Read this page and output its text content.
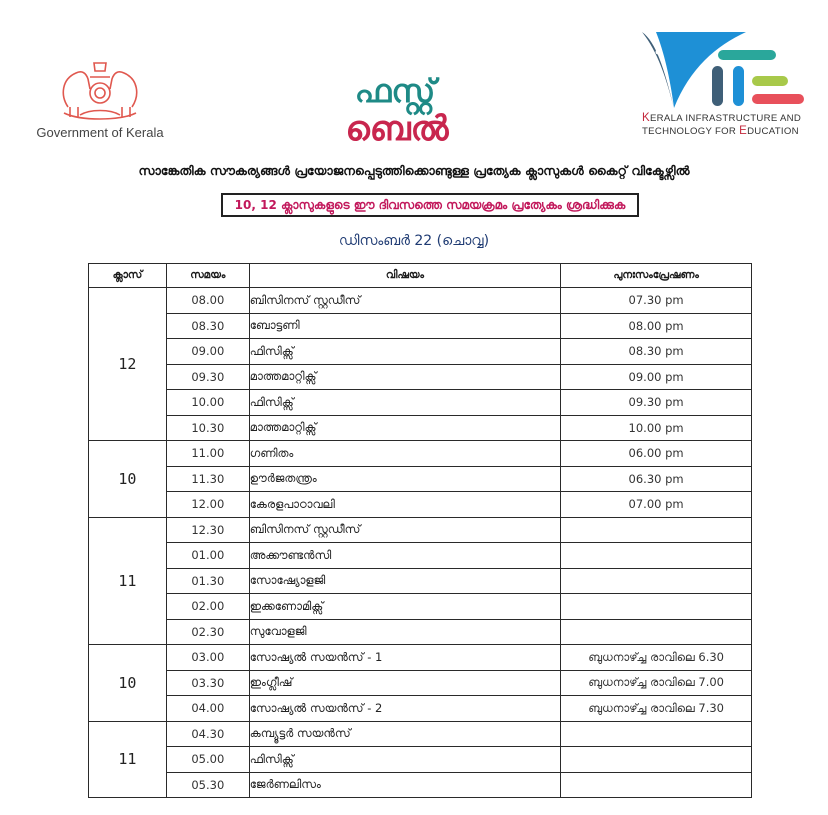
Government of Kerala
ഫസ്റ്റ്
ബെൽ	KERALA INFRASTRUCTURE AND
TECHNOLOGY FOR EDUCATION
സാങ്കേതിക സൗകര്യങ്ങൾ പ്രയോജനപ്പെടുത്തിക്കൊണ്ടുള്ള പ്രത്യേക ക്ലാസുകൾ കൈറ്റ് വിക്ടേഴ്സിൽ
10, 12 ക്ലാസുകളുടെ ഈ ദിവസത്തെ സമയക്രമം പ്രത്യേകം ശ്രദ്ധിക്കുക
ഡിസംബർ 22 (ചൊവ്വ)
ക്ലാസ്	സമയം	വിഷയം	പുനഃസംപ്രേഷണം
12	08.00	ബിസിനസ് സ്റ്റഡീസ്	07.30 pm
	08.30	ബോട്ടണി	08.00 pm
	09.00	ഫിസിക്സ്	08.30 pm
	09.30	മാത്തമാറ്റിക്സ്	09.00 pm
	10.00	ഫിസിക്സ്	09.30 pm
	10.30	മാത്തമാറ്റിക്സ്	10.00 pm
10	11.00	ഗണിതം	06.00 pm
	11.30	ഊർജതന്ത്രം	06.30 pm
	12.00	കേരളപാഠാവലി	07.00 pm
11	12.30	ബിസിനസ് സ്റ്റഡീസ്	
	01.00	അക്കൗണ്ടൻസി	
	01.30	സോഷ്യോളജി	
	02.00	ഇക്കണോമിക്സ്	
	02.30	സുവോളജി	
10	03.00	സോഷ്യൽ സയൻസ് - 1	ബുധനാഴ്ച്ച രാവിലെ 6.30
	03.30	ഇംഗ്ലീഷ്	ബുധനാഴ്ച്ച രാവിലെ 7.00
	04.00	സോഷ്യൽ സയൻസ് - 2	ബുധനാഴ്ച്ച രാവിലെ 7.30
11	04.30	കമ്പ്യൂട്ടർ സയൻസ്	
	05.00	ഫിസിക്സ്	
	05.30	ജേർണലിസം	
